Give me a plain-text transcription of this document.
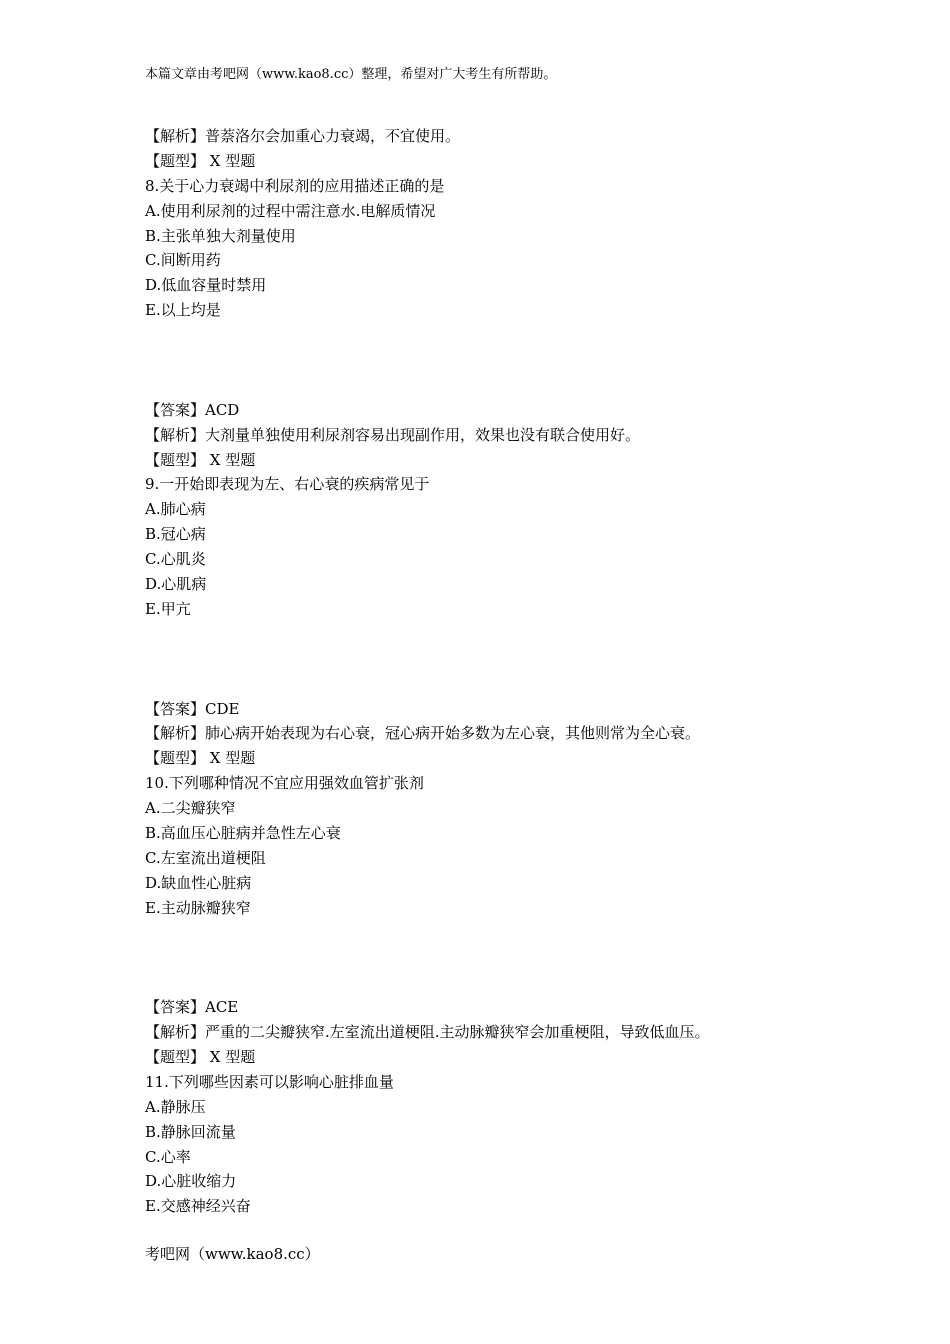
本篇文章由考吧网（www.kao8.cc）整理，希望对广大考生有所帮助。
【解析】普萘洛尔会加重心力衰竭，不宜使用。
【题型】 X 型题
8.关于心力衰竭中利尿剂的应用描述正确的是
A.使用利尿剂的过程中需注意水.电解质情况
B.主张单独大剂量使用
C.间断用药
D.低血容量时禁用
E.以上均是
【答案】ACD
【解析】大剂量单独使用利尿剂容易出现副作用，效果也没有联合使用好。
【题型】 X 型题
9.一开始即表现为左、右心衰的疾病常见于
A.肺心病
B.冠心病
C.心肌炎
D.心肌病
E.甲亢
【答案】CDE
【解析】肺心病开始表现为右心衰，冠心病开始多数为左心衰，其他则常为全心衰。
【题型】 X 型题
10.下列哪种情况不宜应用强效血管扩张剂
A.二尖瓣狭窄
B.高血压心脏病并急性左心衰
C.左室流出道梗阻
D.缺血性心脏病
E.主动脉瓣狭窄
【答案】ACE
【解析】严重的二尖瓣狭窄.左室流出道梗阻.主动脉瓣狭窄会加重梗阻，导致低血压。
【题型】 X 型题
11.下列哪些因素可以影响心脏排血量
A.静脉压
B.静脉回流量
C.心率
D.心脏收缩力
E.交感神经兴奋
考吧网（www.kao8.cc）
